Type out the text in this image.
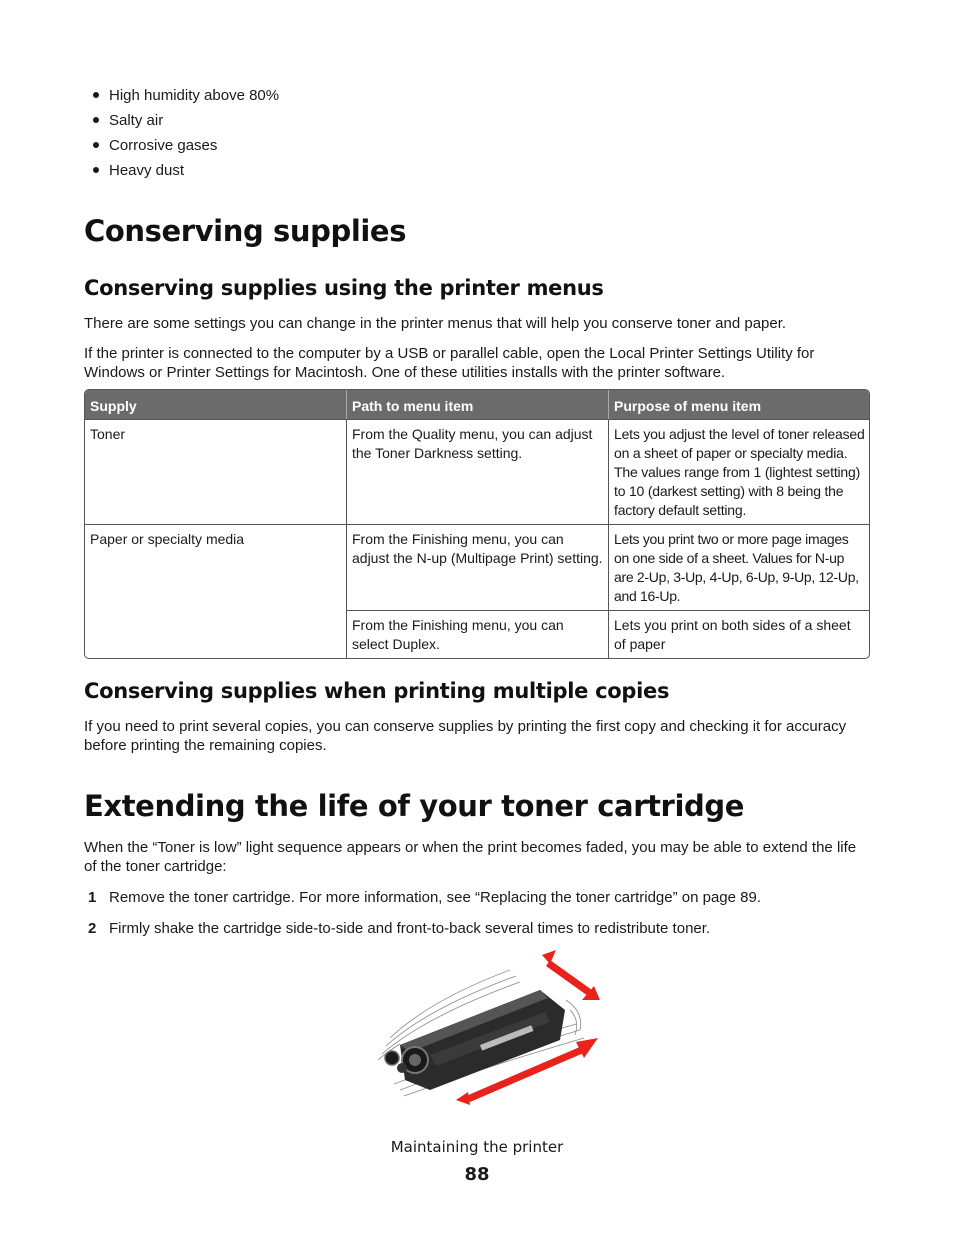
High humidity above 80%
Salty air
Corrosive gases
Heavy dust
Conserving supplies
Conserving supplies using the printer menus

There are some settings you can change in the printer menus that will help you conserve toner and paper.

If the printer is connected to the computer by a USB or parallel cable, open the Local Printer Settings Utility for Windows or Printer Settings for Macintosh. One of these utilities installs with the printer software.

Supply	Path to menu item	Purpose of menu item
Toner	From the Quality menu, you can adjust the Toner Darkness setting.	Lets you adjust the level of toner released on a sheet of paper or specialty media. The values range from 1 (lightest setting) to 10 (darkest setting) with 8 being the factory default setting.
Paper or specialty media	From the Finishing menu, you can adjust the N-up (Multipage Print) setting.	Lets you print two or more page images on one side of a sheet. Values for N-up are 2-Up, 3-Up, 4-Up, 6-Up, 9-Up, 12-Up, and 16-Up.
	From the Finishing menu, you can select Duplex.	Lets you print on both sides of a sheet of paper
Conserving supplies when printing multiple copies

If you need to print several copies, you can conserve supplies by printing the first copy and checking it for accuracy before printing the remaining copies.

Extending the life of your toner cartridge

When the “Toner is low” light sequence appears or when the print becomes faded, you may be able to extend the life of the toner cartridge:

1 Remove the toner cartridge. For more information, see “Replacing the toner cartridge” on page 89.
2 Firmly shake the cartridge side-to-side and front-to-back several times to redistribute toner.
Maintaining the printer
88
